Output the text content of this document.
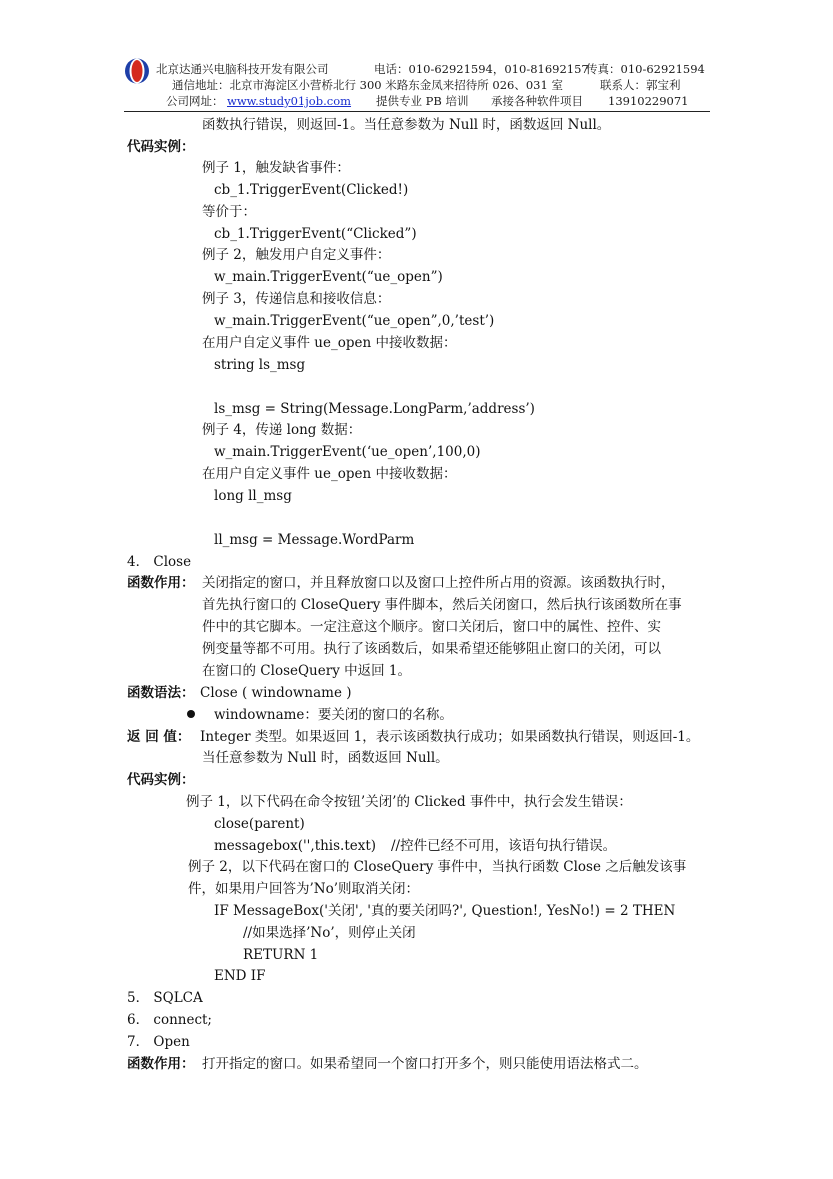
北京达通兴电脑科技开发有限公司	电话：010-62921594，010-81692157
传真：010-62921594
通信地址：北京市海淀区小营桥北行 300 米路东金凤来招待所 026、031 室	联系人：郭宝利
公司网址： www.study01job.com 提供专业 PB 培训 承接各种软件项目 13910229071
函数执行错误，则返回-1。当任意参数为 Null 时，函数返回 Null。
代码实例：
例子 1，触发缺省事件：
cb_1.TriggerEvent(Clicked!)
等价于：
cb_1.TriggerEvent(“Clicked”)
例子 2，触发用户自定义事件：
w_main.TriggerEvent(“ue_open”)
例子 3，传递信息和接收信息：
w_main.TriggerEvent(“ue_open”,0,’test’)
在用户自定义事件 ue_open 中接收数据：
string ls_msg
ls_msg = String(Message.LongParm,’address’)
例子 4，传递 long 数据：
w_main.TriggerEvent(‘ue_open’,100,0)
在用户自定义事件 ue_open 中接收数据：
long ll_msg
ll_msg = Message.WordParm
4． Close
函数作用： 关闭指定的窗口，并且释放窗口以及窗口上控件所占用的资源。该函数执行时，
首先执行窗口的 CloseQuery 事件脚本，然后关闭窗口，然后执行该函数所在事
件中的其它脚本。一定注意这个顺序。窗口关闭后，窗口中的属性、控件、实
例变量等都不可用。执行了该函数后，如果希望还能够阻止窗口的关闭，可以
在窗口的 CloseQuery 中返回 1。
函数语法： Close ( windowname )
windowname：要关闭的窗口的名称。
返 回 值： Integer 类型。如果返回 1，表示该函数执行成功；如果函数执行错误，则返回-1。
当任意参数为 Null 时，函数返回 Null。
代码实例：
例子 1，以下代码在命令按钮’关闭’的 Clicked 事件中，执行会发生错误：
close(parent)
messagebox('',this.text) //控件已经不可用，该语句执行错误。
例子 2，以下代码在窗口的 CloseQuery 事件中，当执行函数 Close 之后触发该事
件，如果用户回答为’No’则取消关闭：
IF MessageBox('关闭', '真的要关闭吗?', Question!, YesNo!) = 2 THEN
//如果选择’No’，则停止关闭
RETURN 1
END IF
5． SQLCA
6． connect;
7． Open
函数作用： 打开指定的窗口。如果希望同一个窗口打开多个，则只能使用语法格式二。
